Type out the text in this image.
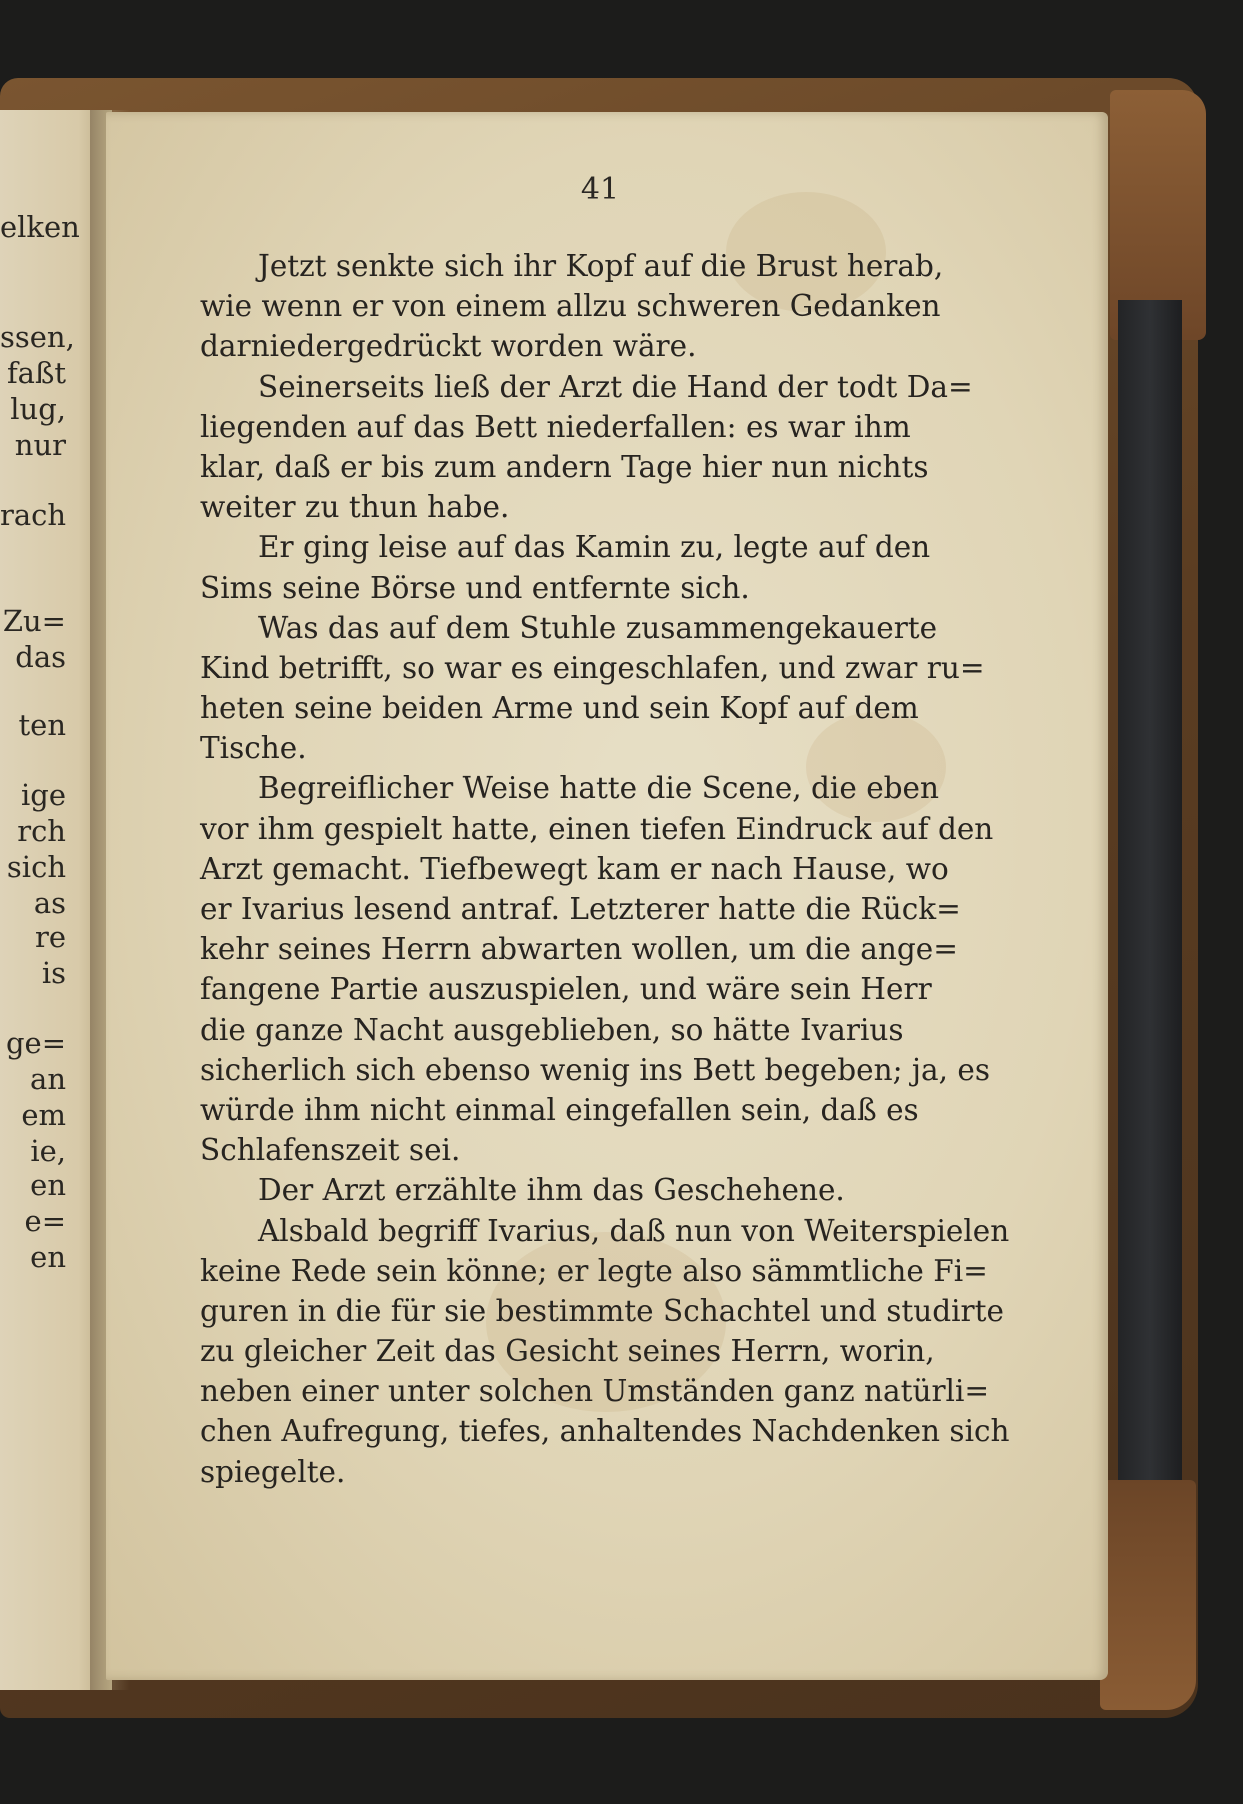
elken
ssen,
faßt
lug,
nur
rach
Zu=
das
ten
ige
rch
sich
as
re
is
ge=
an
em
ie,
en
e=
en
41
Jetzt senkte sich ihr Kopf auf die Brust herab,
wie wenn er von einem allzu schweren Gedanken
darniedergedrückt worden wäre.
Seinerseits ließ der Arzt die Hand der todt Da=
liegenden auf das Bett niederfallen: es war ihm
klar, daß er bis zum andern Tage hier nun nichts
weiter zu thun habe.
Er ging leise auf das Kamin zu, legte auf den
Sims seine Börse und entfernte sich.
Was das auf dem Stuhle zusammengekauerte
Kind betrifft, so war es eingeschlafen, und zwar ru=
heten seine beiden Arme und sein Kopf auf dem
Tische.
Begreiflicher Weise hatte die Scene, die eben
vor ihm gespielt hatte, einen tiefen Eindruck auf den
Arzt gemacht. Tiefbewegt kam er nach Hause, wo
er Ivarius lesend antraf. Letzterer hatte die Rück=
kehr seines Herrn abwarten wollen, um die ange=
fangene Partie auszuspielen, und wäre sein Herr
die ganze Nacht ausgeblieben, so hätte Ivarius
sicherlich sich ebenso wenig ins Bett begeben; ja, es
würde ihm nicht einmal eingefallen sein, daß es
Schlafenszeit sei.
Der Arzt erzählte ihm das Geschehene.
Alsbald begriff Ivarius, daß nun von Weiterspielen
keine Rede sein könne; er legte also sämmtliche Fi=
guren in die für sie bestimmte Schachtel und studirte
zu gleicher Zeit das Gesicht seines Herrn, worin,
neben einer unter solchen Umständen ganz natürli=
chen Aufregung, tiefes, anhaltendes Nachdenken sich
spiegelte.
